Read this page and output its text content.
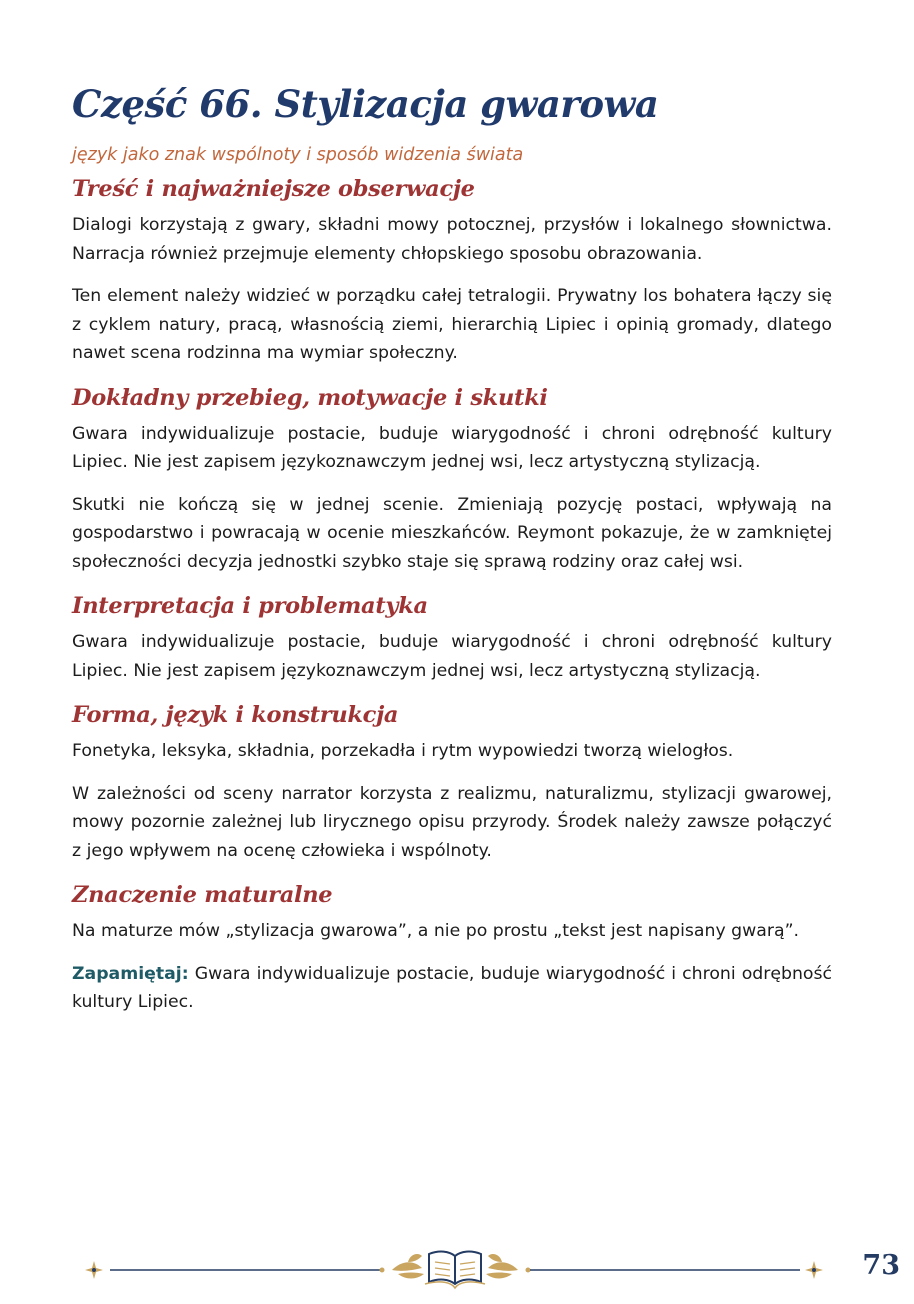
Część 66. Stylizacja gwarowa
język jako znak wspólnoty i sposób widzenia świata
Treść i najważniejsze obserwacje

Dialogi korzystają z gwary, składni mowy potocznej, przysłów i lokalnego słownictwa. Narracja również przejmuje elementy chłopskiego sposobu obrazowania.

Ten element należy widzieć w porządku całej tetralogii. Prywatny los bohatera łączy się z cyklem natury, pracą, własnością ziemi, hierarchią Lipiec i opinią gromady, dlatego nawet scena rodzinna ma wymiar społeczny.

Dokładny przebieg, motywacje i skutki

Gwara indywidualizuje postacie, buduje wiarygodność i chroni odrębność kultury Lipiec. Nie jest zapisem językoznawczym jednej wsi, lecz artystyczną stylizacją.

Skutki nie kończą się w jednej scenie. Zmieniają pozycję postaci, wpływają na gospodarstwo i powracają w ocenie mieszkańców. Reymont pokazuje, że w zamkniętej społeczności decyzja jednostki szybko staje się sprawą rodziny oraz całej wsi.

Interpretacja i problematyka

Gwara indywidualizuje postacie, buduje wiarygodność i chroni odrębność kultury Lipiec. Nie jest zapisem językoznawczym jednej wsi, lecz artystyczną stylizacją.

Forma, język i konstrukcja

Fonetyka, leksyka, składnia, porzekadła i rytm wypowiedzi tworzą wielogłos.

W zależności od sceny narrator korzysta z realizmu, naturalizmu, stylizacji gwarowej, mowy pozornie zależnej lub lirycznego opisu przyrody. Środek należy zawsze połączyć z jego wpływem na ocenę człowieka i wspólnoty.

Znaczenie maturalne

Na maturze mów „stylizacja gwarowa”, a nie po prostu „tekst jest napisany gwarą”.

Zapamiętaj: Gwara indywidualizuje postacie, buduje wiarygodność i chroni odrębność kultury Lipiec.

73
